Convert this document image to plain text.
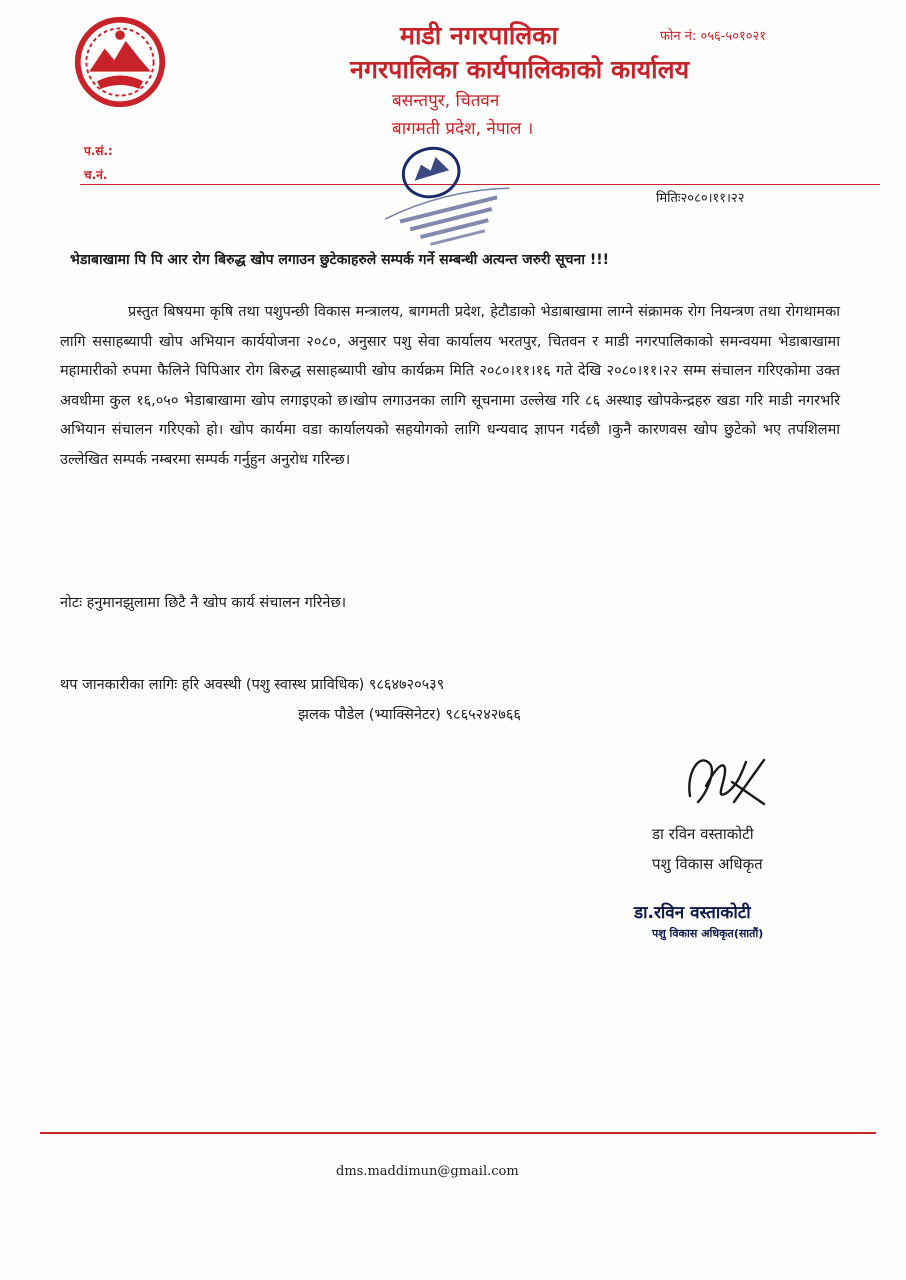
माडी नगरपालिका
नगरपालिका कार्यपालिकाको कार्यालय
फोन नं: ०५६-५०१०२१
बसन्तपुर, चितवन
बागमती प्रदेश, नेपाल ।
प.सं.:
च.नं.
मितिः२०८०।११।२२
भेडाबाखामा पि पि आर रोग बिरुद्ध खोप लगाउन छुटेकाहरुले सम्पर्क गर्ने सम्बन्धी अत्यन्त जरुरी सूचना !!!
प्रस्तुत बिषयमा कृषि तथा पशुपन्छी विकास मन्त्रालय, बागमती प्रदेश, हेटौडाको भेडाबाखामा लाग्ने संक्रामक रोग नियन्त्रण तथा रोगथामका लागि ससाहब्यापी खोप अभियान कार्ययोजना २०८०, अनुसार पशु सेवा कार्यालय भरतपुर, चितवन र माडी नगरपालिकाको समन्वयमा भेडाबाखामा महामारीको रुपमा फैलिने पिपिआर रोग बिरुद्ध ससाहब्यापी खोप कार्यक्रम मिति २०८०।११।१६ गते देखि २०८०।११।२२ सम्म संचालन गरिएकोमा उक्त अवधीमा कुल १६,०५० भेडाबाखामा खोप लगाइएको छ।खोप लगाउनका लागि सूचनामा उल्लेख गरि ८६ अस्थाइ खोपकेन्द्रहरु खडा गरि माडी नगरभरि अभियान संचालन गरिएको हो। खोप कार्यमा वडा कार्यालयको सहयोगको लागि धन्यवाद ज्ञापन गर्दछौ ।कुनै कारणवस खोप छुटेको भए तपशिलमा उल्लेखित सम्पर्क नम्बरमा सम्पर्क गर्नुहुन अनुरोध गरिन्छ।
नोटः हनुमानझुलामा छिटै नै खोप कार्य संचालन गरिनेछ।
थप जानकारीका लागिः हरि अवस्थी (पशु स्वास्थ प्राविधिक) ९८६४७२०५३९
झलक पौडेल (भ्याक्सिनेटर) ९८६५२४२७६६
डा रविन वस्ताकोटी
पशु विकास अधिकृत
डा.रविन वस्ताकोटी
पशु विकास अधिकृत(सातौं)
dms.maddimun@gmail.com
